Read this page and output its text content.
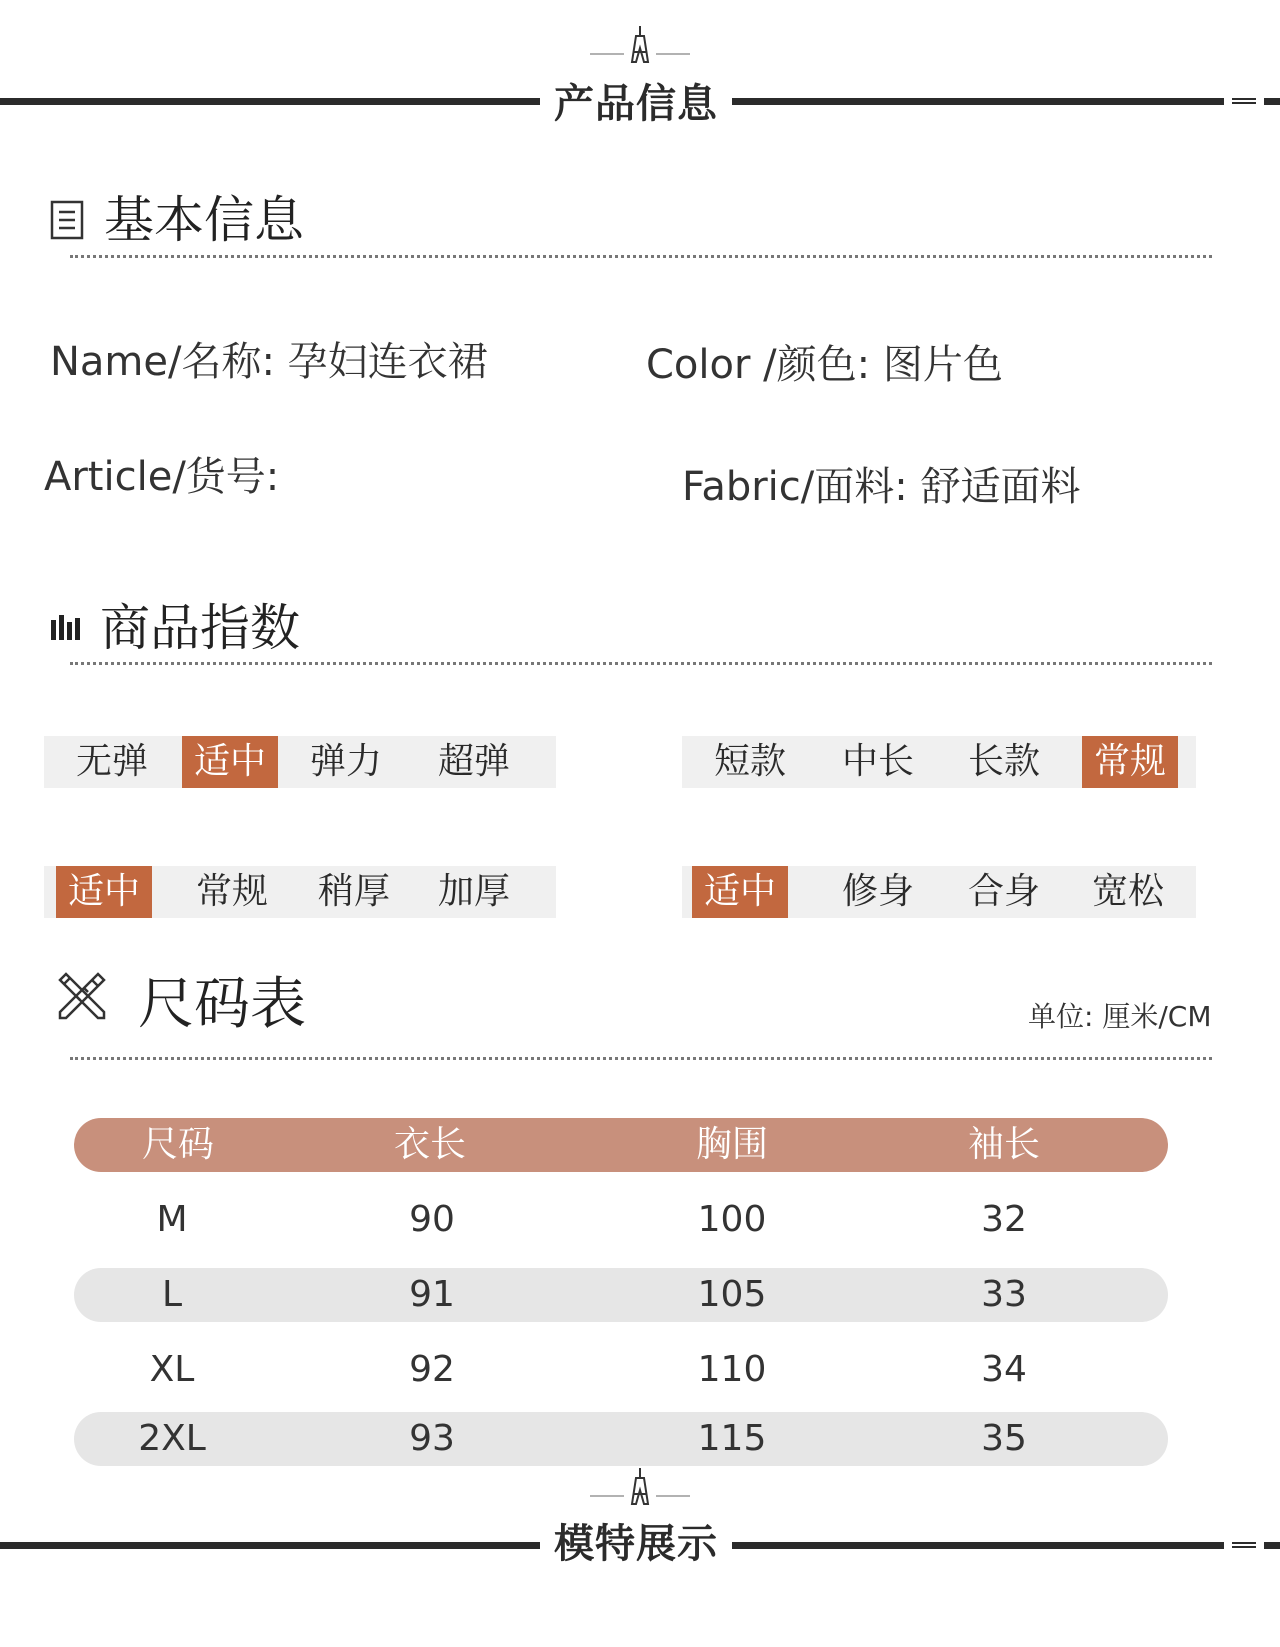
产品信息
基本信息
Name/名称: 孕妇连衣裙	Color /颜色: 图片色
Article/货号:	Fabric/面料: 舒适面料
商品指数
无弹	适中	弹力	超弹	短款	中长	长款	常规
适中	常规	稍厚	加厚	适中	修身	合身	宽松
尺码表	单位: 厘米/CM
尺码	衣长	胸围	袖长
M	90	100	32
L	91	105	33
XL	92	110	34
2XL	93	115	35
模特展示
